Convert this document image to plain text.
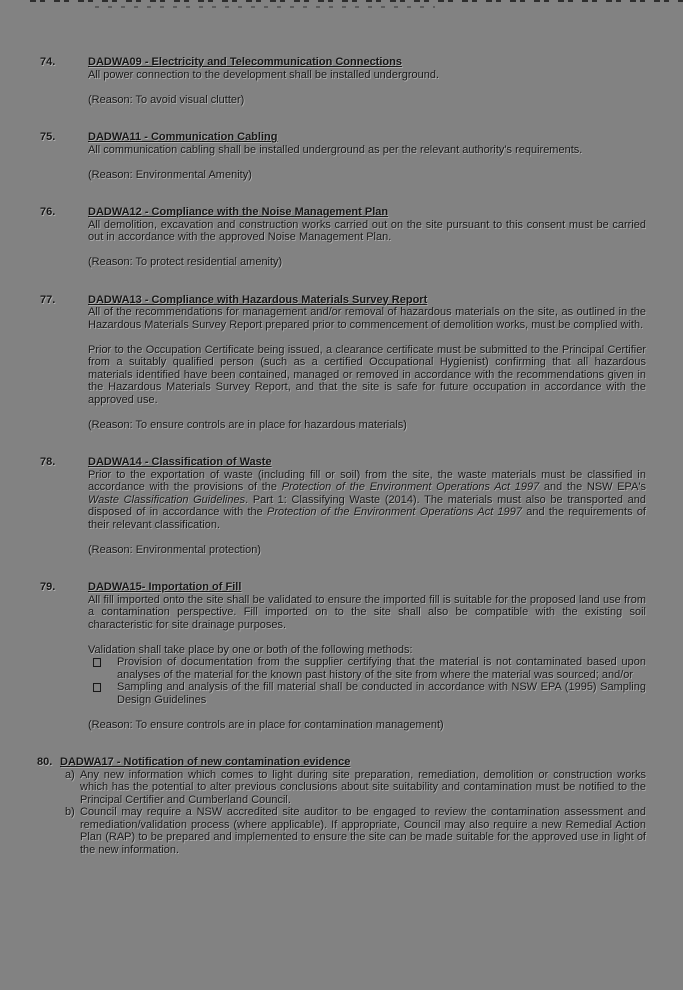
74.	DADWA09 - Electricity and Telecommunication Connections

All power connection to the development shall be installed underground.

(Reason: To avoid visual clutter)

75.	DADWA11 - Communication Cabling

All communication cabling shall be installed underground as per the relevant authority's requirements.

(Reason: Environmental Amenity)

76.	DADWA12 - Compliance with the Noise Management Plan

All demolition, excavation and construction works carried out on the site pursuant to this consent must be carried out in accordance with the approved Noise Management Plan.

(Reason: To protect residential amenity)

77.	DADWA13 - Compliance with Hazardous Materials Survey Report

All of the recommendations for management and/or removal of hazardous materials on the site, as outlined in the Hazardous Materials Survey Report prepared prior to commencement of demolition works, must be complied with.

Prior to the Occupation Certificate being issued, a clearance certificate must be submitted to the Principal Certifier from a suitably qualified person (such as a certified Occupational Hygienist) confirming that all hazardous materials identified have been contained, managed or removed in accordance with the recommendations given in the Hazardous Materials Survey Report, and that the site is safe for future occupation in accordance with the approved use.

(Reason: To ensure controls are in place for hazardous materials)

78.	DADWA14 - Classification of Waste

Prior to the exportation of waste (including fill or soil) from the site, the waste materials must be classified in accordance with the provisions of the Protection of the Environment Operations Act 1997 and the NSW EPA's Waste Classification Guidelines. Part 1: Classifying Waste (2014). The materials must also be transported and disposed of in accordance with the Protection of the Environment Operations Act 1997 and the requirements of their relevant classification.

(Reason: Environmental protection)

79.	DADWA15- Importation of Fill

All fill imported onto the site shall be validated to ensure the imported fill is suitable for the proposed land use from a contamination perspective. Fill imported on to the site shall also be compatible with the existing soil characteristic for site drainage purposes.

Validation shall take place by one or both of the following methods:

Provision of documentation from the supplier certifying that the material is not contaminated based upon analyses of the material for the known past history of the site from where the material was sourced; and/or

Sampling and analysis of the fill material shall be conducted in accordance with NSW EPA (1995) Sampling Design Guidelines

(Reason: To ensure controls are in place for contamination management)

80. DADWA17 - Notification of new contamination evidence
a) Any new information which comes to light during site preparation, remediation, demolition or construction works which has the potential to alter previous conclusions about site suitability and contamination must be notified to the Principal Certifier and Cumberland Council.

b) Council may require a NSW accredited site auditor to be engaged to review the contamination assessment and remediation/validation process (where applicable). If appropriate, Council may also require a new Remedial Action Plan (RAP) to be prepared and implemented to ensure the site can be made suitable for the approved use in light of the new information.
